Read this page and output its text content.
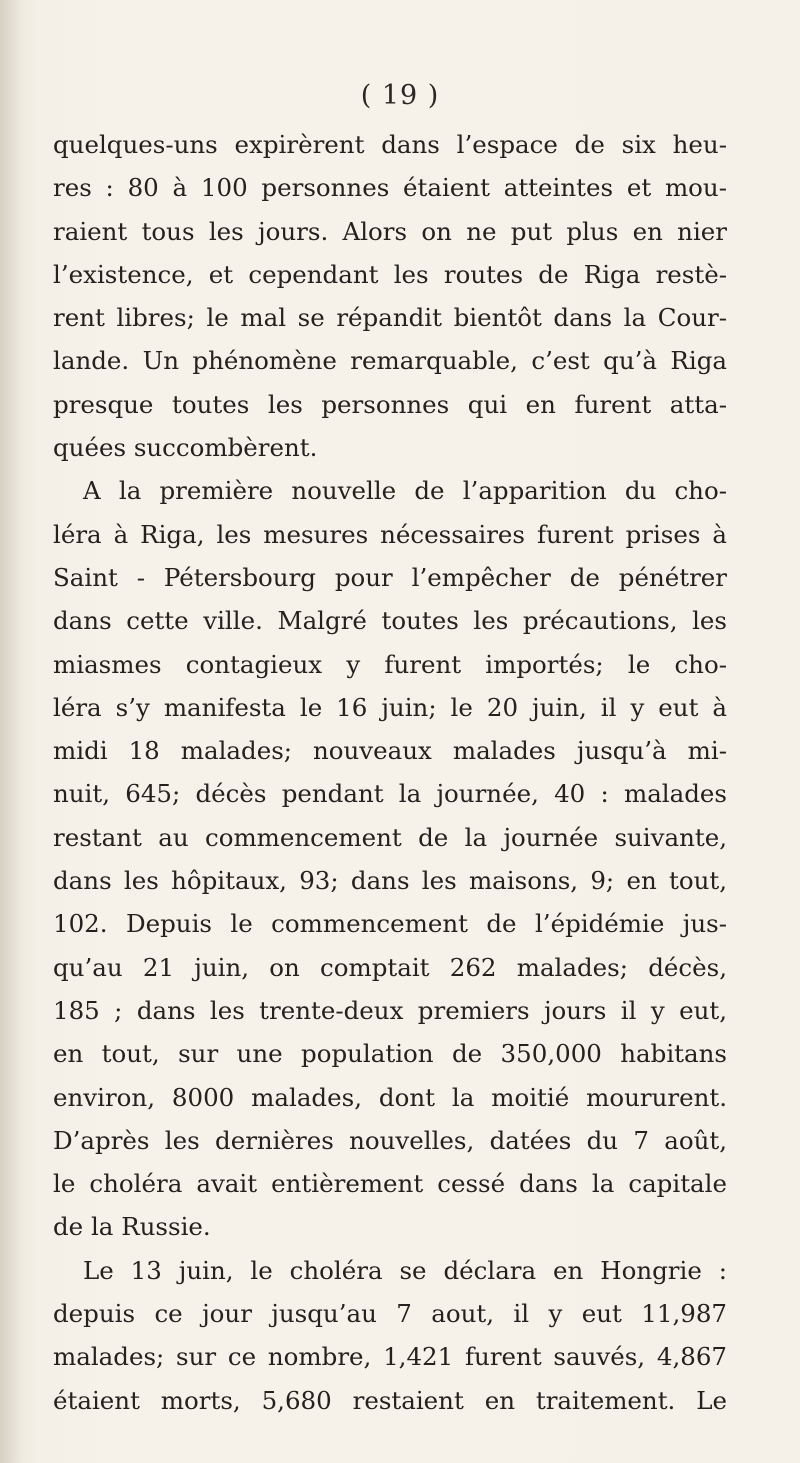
( 19 )
quelques-uns expirèrent dans l’espace de six heu-
res : 80 à 100 personnes étaient atteintes et mou-
raient tous les jours. Alors on ne put plus en nier
l’existence, et cependant les routes de Riga restè-
rent libres; le mal se répandit bientôt dans la Cour-
lande. Un phénomène remarquable, c’est qu’à Riga
presque toutes les personnes qui en furent atta-
quées succombèrent.
A la première nouvelle de l’apparition du cho-
léra à Riga, les mesures nécessaires furent prises à
Saint - Pétersbourg pour l’empêcher de pénétrer
dans cette ville. Malgré toutes les précautions, les
miasmes contagieux y furent importés; le cho-
léra s’y manifesta le 16 juin; le 20 juin, il y eut à
midi 18 malades; nouveaux malades jusqu’à mi-
nuit, 645; décès pendant la journée, 40 : malades
restant au commencement de la journée suivante,
dans les hôpitaux, 93; dans les maisons, 9; en tout,
102. Depuis le commencement de l’épidémie jus-
qu’au 21 juin, on comptait 262 malades; décès,
185 ; dans les trente-deux premiers jours il y eut,
en tout, sur une population de 350,000 habitans
environ, 8000 malades, dont la moitié moururent.
D’après les dernières nouvelles, datées du 7 août,
le choléra avait entièrement cessé dans la capitale
de la Russie.
Le 13 juin, le choléra se déclara en Hongrie :
depuis ce jour jusqu’au 7 aout, il y eut 11,987
malades; sur ce nombre, 1,421 furent sauvés, 4,867
étaient morts, 5,680 restaient en traitement. Le
